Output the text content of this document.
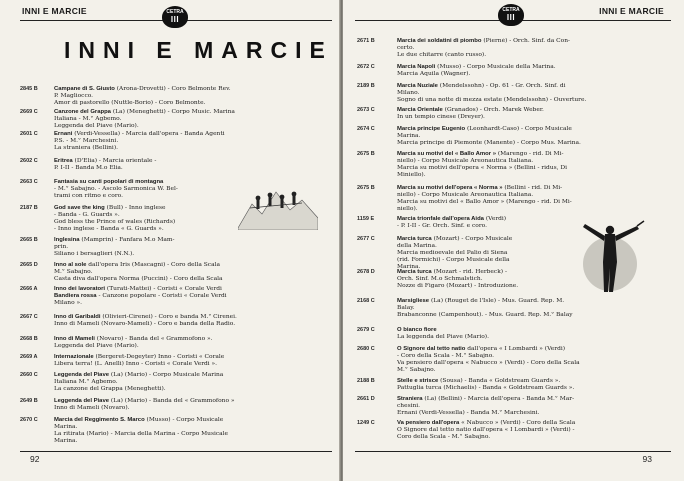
INNI E MARCIE	CETRA
III
INNI E MARCIE
2845 B	Campane di S. Giusto (Arona-Drovetti) - Coro Belmonte Rev.
P. Magliocco.
Amor di pastorello (Nuttle-Borio) - Coro Belmonte.
2669 C	Canzone del Grappa (La) (Meneghetti) - Corpo Music. Marina
Italiana - M.° Agbemo.
Leggenda del Piave (Mario).
2601 C	Ernani (Verdi-Vessella) - Marcia dall'opera - Banda Agenti
P.S. - M.° Marchesini.
La straniera (Bellini).
2602 C	Eritrea (D'Elia) - Marcia orientale -
P. I-II - Banda M.o Elia.
2663 C	Fantasia su canti popolari di montagna
- M.° Sabajno. - Ascolo Sarmonica W. Bel-
trami con ritmo e coro.
2187 B	God save the king (Bull) - Inno inglese
- Banda - G. Guards ».
God bless the Prince of wales (Richards)
- Inno inglese - Banda « G. Guards ».
2665 B	Inglesina (Mamprin) - Fanfara M.o Mam-
prin.
Siliano i bersaglieri (N.N.).
2665 D	Inno al sole dall'opera Iris (Mascagni) - Coro della Scala
M.° Sabajno.
Casta diva dall'opera Norma (Puccini) - Coro della Scala
2666 A	Inno dei lavoratori (Turati-Mattei) - Coristi « Corale Verdi
Bandiera rossa - Canzone popolare - Coristi « Corale Verdi
Milano ».
2667 C	Inno di Garibaldi (Olivieri-Cirenei) - Coro e banda M.° Cirenei.
Inno di Mameli (Novaro-Mameli) - Coro e banda della Radio.
2668 B	Inno di Mameli (Novaro) - Banda del « Grammofono ».
Leggenda del Piave (Mario).
2669 A	Internazionale (Bergeret-Degeyter) Inno - Coristi « Corale
Libera terra! (L. Anelli) Inno - Coristi « Corale Verdi ».
2660 C	Leggenda del Piave (La) (Mario) - Corpo Musicale Marina
Italiana M.° Agbemo.
La canzone del Grappa (Meneghetti).
2649 B	Leggenda del Piave (La) (Mario) - Banda del « Grammofono »
Inno di Mameli (Novaro).
2670 C	Marcia del Reggimento S. Marco (Musso) - Corpo Musicale
Marina.
La ritirata (Mario) - Marcia della Marina - Corpo Musicale
Marina.
92
INNI E MARCIE
CETRA
III
2671 B	Marcia dei soldatini di piombo (Pierné) - Orch. Sinf. da Con-
certo.
Le due chitarre (canto russo).
2672 C	Marcia Napoli (Musso) - Corpo Musicale della Marina.
Marcia Aquila (Wagner).
2189 B	Marcia Nuziale (Mendelssohn) - Op. 61 - Gr. Orch. Sinf. di
Milano.
Sogno di una notte di mezza estate (Mendelssohn) - Ouverture.
2673 C	Marcia Orientale (Granados) - Orch. Marek Weber.
In un tempio cinese (Dreyer).
2674 C	Marcia principe Eugenio (Leonhardt-Caso) - Corpo Musicale
Marina.
Marcia principe di Piemonte (Manente) - Corpo Mus. Marina.
2675 B	Marcia su motivi del « Ballo Amor » (Marengo - rid. Di Mi-
niello) - Corpo Musicale Areonautica Italiana.
Marcia su motivi dell'opera « Norma » (Bellini - ridus, Di
Miniello).
2675 B	Marcia su motivi dell'opera « Norma » (Bellini - rid. Di Mi-
niello) - Corpo Musicale Areonautica Italiana.
Marcia su motivi del « Ballo Amor » (Marengo - rid. Di Mi-
niello).
1159 E	Marcia trionfale dall'opera Aida (Verdi)
- P. I-II - Gr. Orch. Sinf. e coro.
2677 C	Marcia turca (Mozart) - Corpo Musicale
della Marina.
Marcia medioevale del Palio di Siena
(rid. Formichi) - Corpo Musicale della
Marina.
2678 D	Marcia turca (Mozart - rid. Herbeck) -
Orch. Sinf. M.o Schmalstich.
Nozze di Figaro (Mozart) - Introduzione.
2168 C	Marsigliese (La) (Rouget de l'Isle) - Mus. Guard. Rep. M.
Balay.
Brabanconne (Campenhout). - Mus. Guard. Rep. M.° Balay
2679 C	O bianco fiore
La leggenda del Piave (Mario).
2680 C	O Signore dal tetto natio dall'opera « I Lombardi » (Verdi)
- Coro della Scala - M.° Sabajno.
Va pensiero dall'opera « Nabucco » (Verdi) - Coro della Scala
M.° Sabajno.
2188 B	Stelle e strisce (Sousa) - Banda « Goldstream Guards ».
Pattuglia turca (Michaelis) - Banda « Goldstream Guards ».
2661 D	Straniera (La) (Bellini) - Marcia dell'opera - Banda M.° Mar-
chesini.
Ernani (Verdi-Vessella) - Banda M.° Marchesini.
1249 C	Va pensiero dall'opera « Nabucco » (Verdi) - Coro della Scala
O Signore dal tetto natio dall'opera « I Lombardi » (Verdi) -
Coro della Scala - M.° Sabajno.
93
